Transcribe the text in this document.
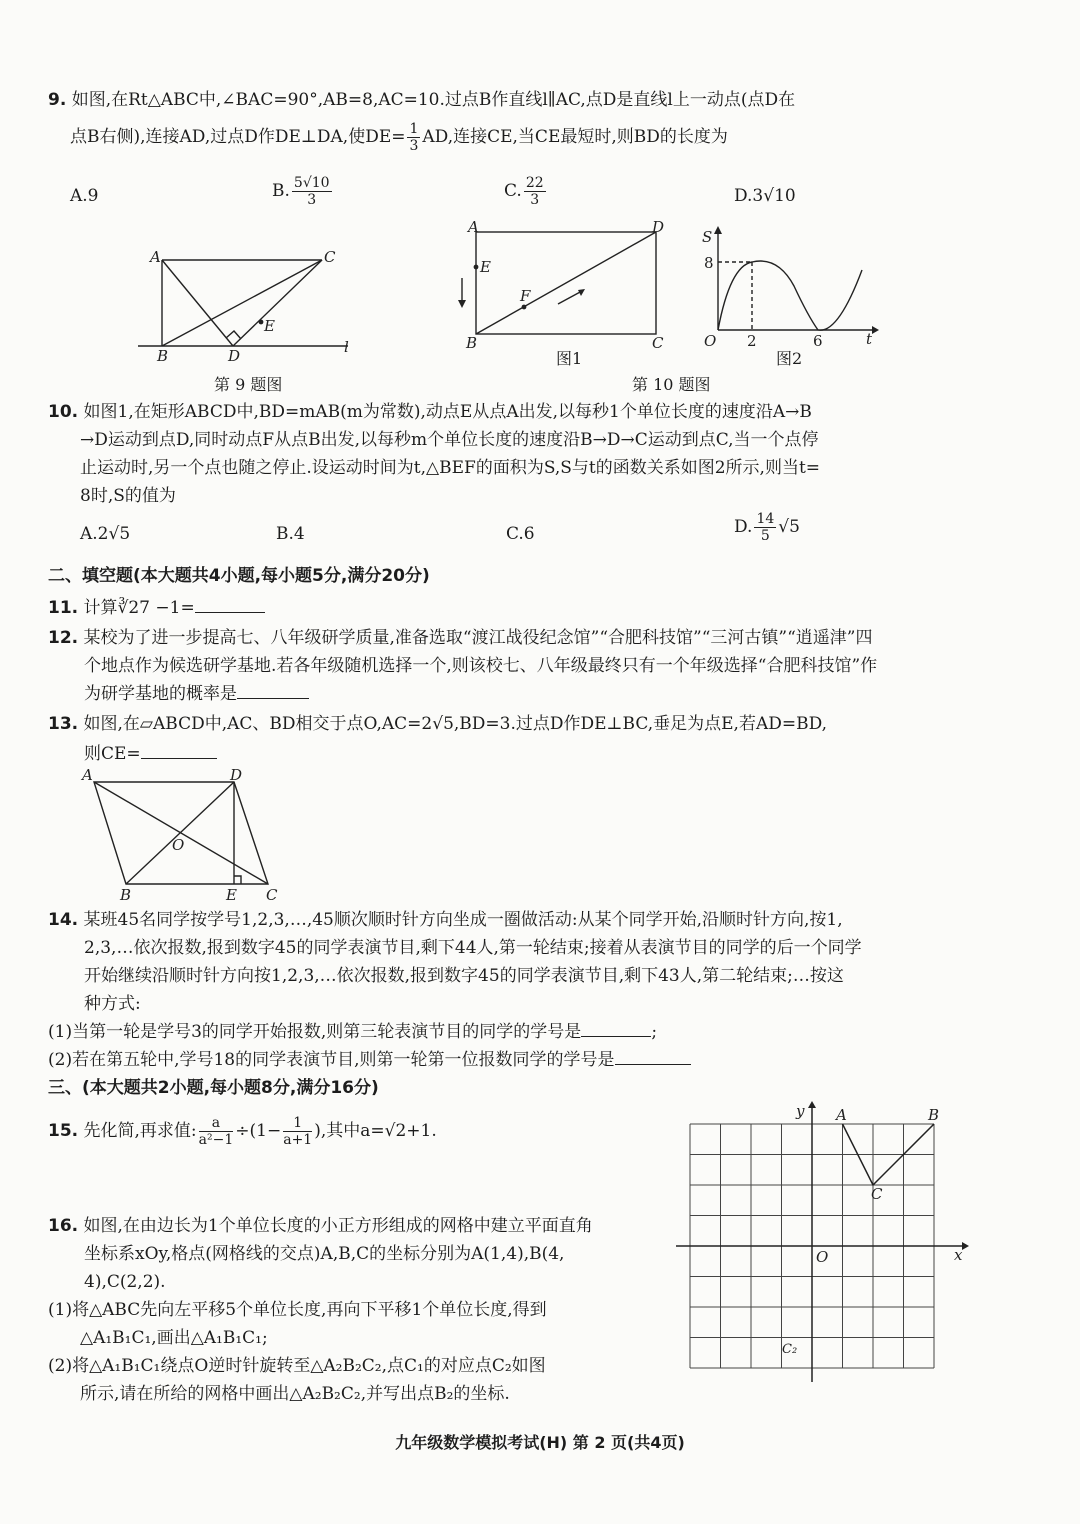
9. 如图,在Rt△ABC中,∠BAC=90°,AB=8,AC=10.过点B作直线l∥AC,点D是直线l上一动点(点D在
点B右侧),连接AD,过点D作DE⊥DA,使$DE= \frac{1}{3}$ AD,连接CE,当CE最短时,则BD的长度为
A.9	B. $\frac{5√10}{3}$	C. $\frac{22}{3}$	D.3√10
A	C
B	D
E
l
第 9 题图
A	D
B	C
E
F
图1
S
8
O 2	6	t
图2
第 10 题图
10. 如图1,在矩形ABCD中,BD=mAB(m为常数),动点E从点A出发,以每秒1个单位长度的速度沿A→B
→D运动到点D,同时动点F从点B出发,以每秒m个单位长度的速度沿B→D→C运动到点C,当一个点停
止运动时,另一个点也随之停止.设运动时间为t,△BEF的面积为S,S与t的函数关系如图2所示,则当t=
8时,S的值为
A.2√5	B.4	C.6	D. $\frac{14}{5} √5$
二、填空题(本大题共4小题,每小题5分,满分20分)
11. 计算∛27 −1=
12. 某校为了进一步提高七、八年级研学质量,准备选取“渡江战役纪念馆”“合肥科技馆”“三河古镇”“逍遥津”四
个地点作为候选研学基地.若各年级随机选择一个,则该校七、八年级最终只有一个年级选择“合肥科技馆”作
为研学基地的概率是
13. 如图,在▱ABCD中,AC、BD相交于点O,AC=2√5,BD=3.过点D作DE⊥BC,垂足为点E,若AD=BD,
则CE=
A	D
B	E C
O
14. 某班45名同学按学号1,2,3,…,45顺次顺时针方向坐成一圈做活动:从某个同学开始,沿顺时针方向,按1,
2,3,…依次报数,报到数字45的同学表演节目,剩下44人,第一轮结束;接着从表演节目的同学的后一个同学
开始继续沿顺时针方向按1,2,3,…依次报数,报到数字45的同学表演节目,剩下43人,第二轮结束;…按这
种方式:
(1)当第一轮是学号3的同学开始报数,则第三轮表演节目的同学的学号是	;
(2)若在第五轮中,学号18的同学表演节目,则第一轮第一位报数同学的学号是
三、(本大题共2小题,每小题8分,满分16分)
15. 先化简,再求值: $\frac{a}{\text{a²−1}} \div(1- \frac{1}{a+1}$ ),其中a=√2+1.
16. 如图,在由边长为1个单位长度的小正方形组成的网格中建立平面直角
坐标系xOy,格点(网格线的交点)A,B,C的坐标分别为A(1,4),B(4,
4),C(2,2).
(1)将△ABC先向左平移5个单位长度,再向下平移1个单位长度,得到
△A₁B₁C₁,画出△A₁B₁C₁;
(2)将△A₁B₁C₁绕点O逆时针旋转至△A₂B₂C₂,点C₁的对应点C₂如图
所示,请在所给的网格中画出△A₂B₂C₂,并写出点B₂的坐标.
y
x
O
A	B
C
C₂
九年级数学模拟考试(H) 第 2 页(共4页)
